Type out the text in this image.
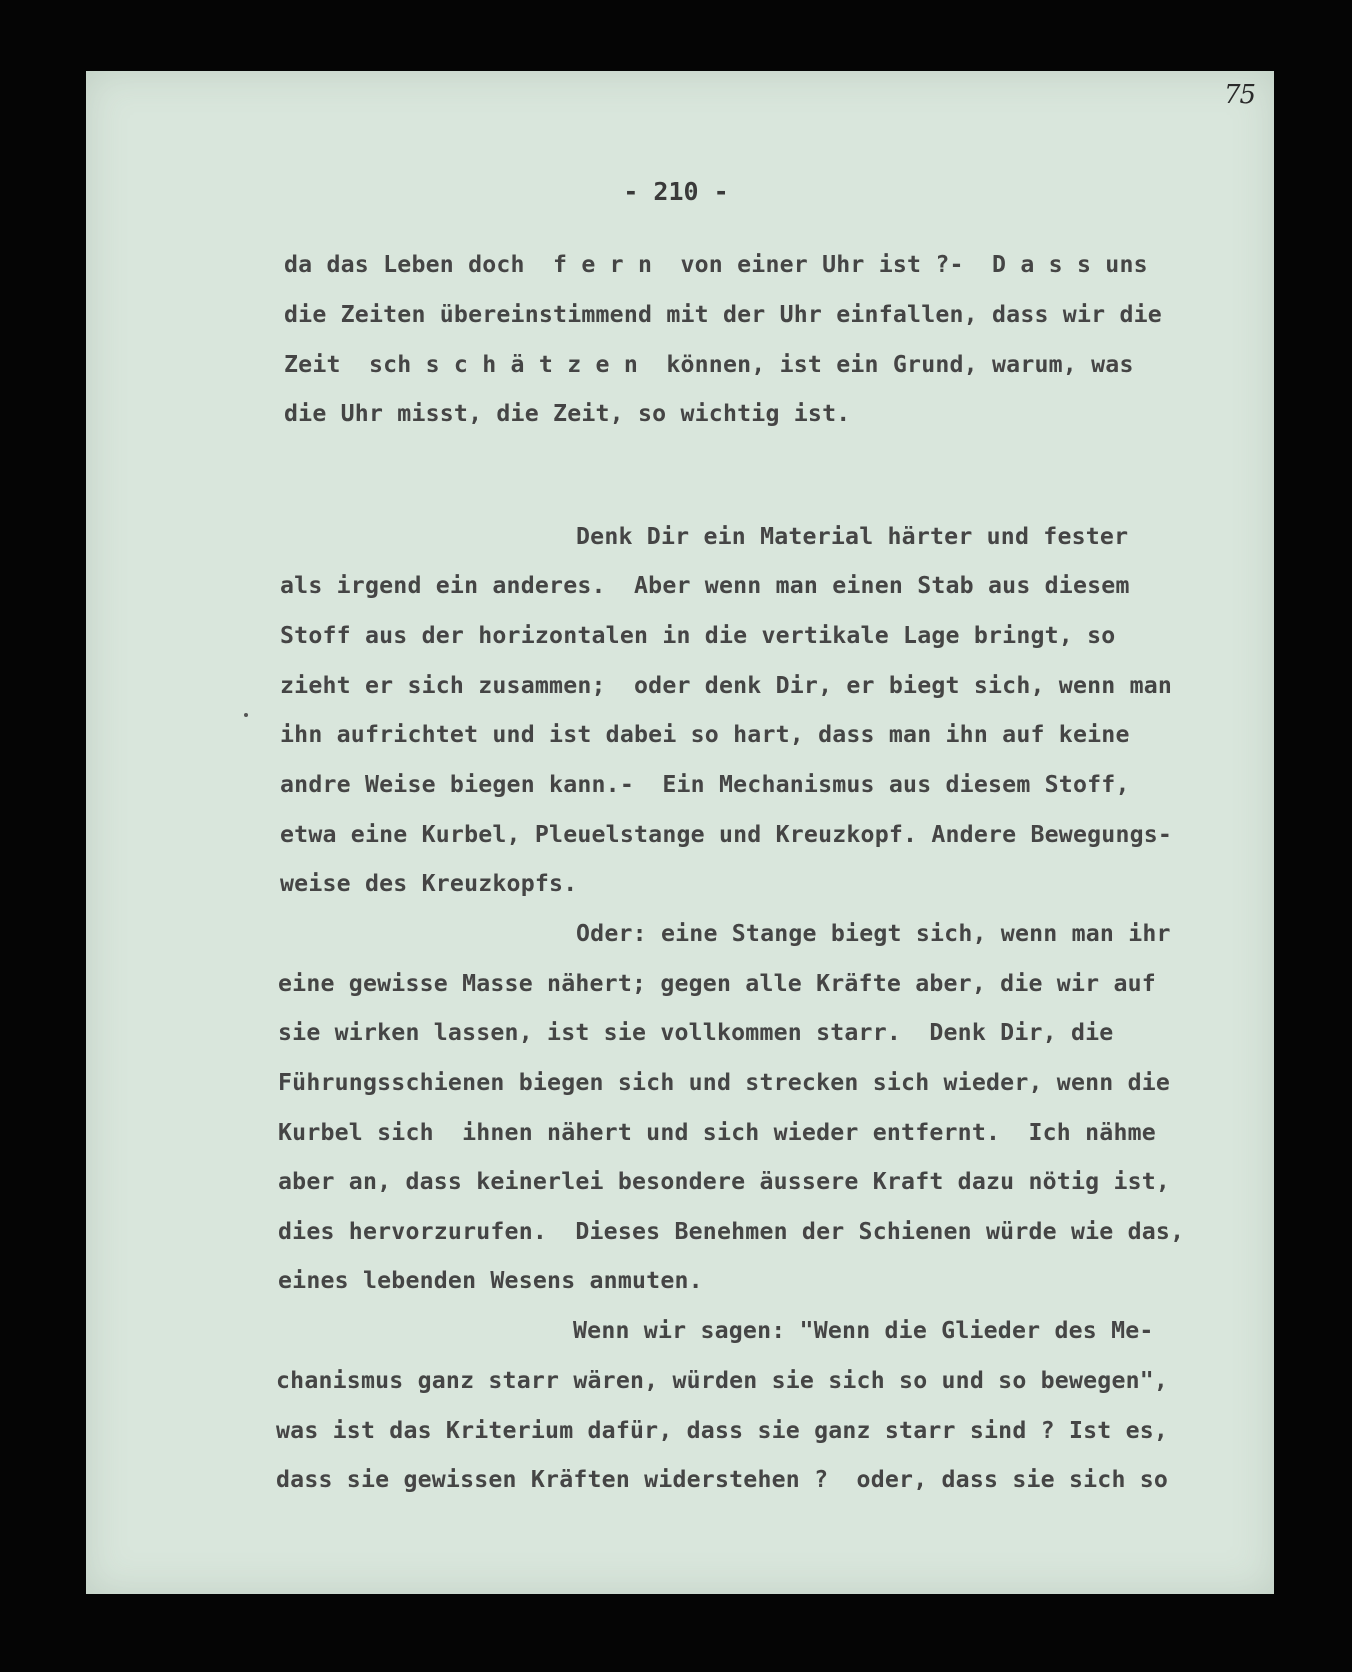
75
- 210 -
da das Leben doch  f e r n  von einer Uhr ist ?-  D a s s uns
die Zeiten übereinstimmend mit der Uhr einfallen, dass wir die
Zeit  sch s c h ä t z e n  können, ist ein Grund, warum, was
die Uhr misst, die Zeit, so wichtig ist.
Denk Dir ein Material härter und fester
als irgend ein anderes.  Aber wenn man einen Stab aus diesem
Stoff aus der horizontalen in die vertikale Lage bringt, so
zieht er sich zusammen;  oder denk Dir, er biegt sich, wenn man
ihn aufrichtet und ist dabei so hart, dass man ihn auf keine
andre Weise biegen kann.-  Ein Mechanismus aus diesem Stoff,
etwa eine Kurbel, Pleuelstange und Kreuzkopf. Andere Bewegungs-
weise des Kreuzkopfs.
Oder: eine Stange biegt sich, wenn man ihr
eine gewisse Masse nähert; gegen alle Kräfte aber, die wir auf
sie wirken lassen, ist sie vollkommen starr.  Denk Dir, die
Führungsschienen biegen sich und strecken sich wieder, wenn die
Kurbel sich  ihnen nähert und sich wieder entfernt.  Ich nähme
aber an, dass keinerlei besondere äussere Kraft dazu nötig ist,
dies hervorzurufen.  Dieses Benehmen der Schienen würde wie das,
eines lebenden Wesens anmuten.
Wenn wir sagen: "Wenn die Glieder des Me-
chanismus ganz starr wären, würden sie sich so und so bewegen",
was ist das Kriterium dafür, dass sie ganz starr sind ? Ist es,
dass sie gewissen Kräften widerstehen ?  oder, dass sie sich so
